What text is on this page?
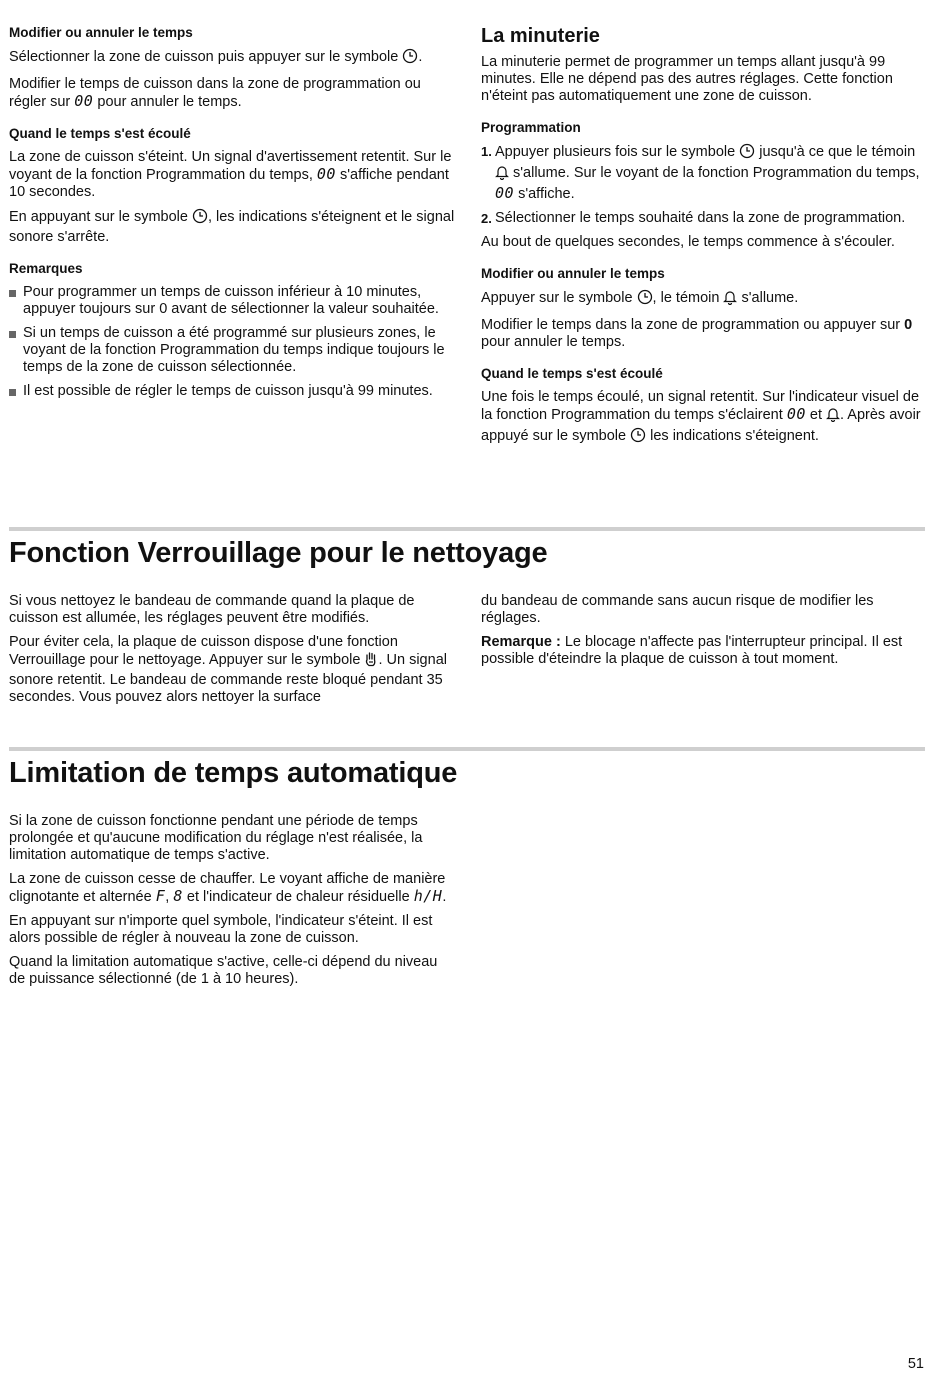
Modifier ou annuler le temps

Sélectionner la zone de cuisson puis appuyer sur le symbole .

Modifier le temps de cuisson dans la zone de programmation ou régler sur 00 pour annuler le temps.

Quand le temps s'est écoulé

La zone de cuisson s'éteint. Un signal d'avertissement retentit. Sur le voyant de la fonction Programmation du temps, 00 s'affiche pendant 10 secondes.

En appuyant sur le symbole , les indications s'éteignent et le signal sonore s'arrête.

Remarques
Pour programmer un temps de cuisson inférieur à 10 minutes, appuyer toujours sur 0 avant de sélectionner la valeur souhaitée.
Si un temps de cuisson a été programmé sur plusieurs zones, le voyant de la fonction Programmation du temps indique toujours le temps de la zone de cuisson sélectionnée.
Il est possible de régler le temps de cuisson jusqu'à 99 minutes.
La minuterie

La minuterie permet de programmer un temps allant jusqu'à 99 minutes. Elle ne dépend pas des autres réglages. Cette fonction n'éteint pas automatiquement une zone de cuisson.

Programmation
1. Appuyer plusieurs fois sur le symbole jusqu'à ce que le témoin  s'allume. Sur le voyant de la fonction Programmation du temps,00 s'affiche.
2. Sélectionner le temps souhaité dans la zone de programmation.

Au bout de quelques secondes, le temps commence à s'écouler.

Modifier ou annuler le temps

Appuyer sur le symbole , le témoin s'allume.

Modifier le temps dans la zone de programmation ou appuyer sur 0 pour annuler le temps.

Quand le temps s'est écoulé

Une fois le temps écoulé, un signal retentit. Sur l'indicateur visuel de la fonction Programmation du temps s'éclairent 00 et . Après avoir appuyé sur le symbole les indications s'éteignent.

Fonction Verrouillage pour le nettoyage

Si vous nettoyez le bandeau de commande quand la plaque de cuisson est allumée, les réglages peuvent être modifiés.

Pour éviter cela, la plaque de cuisson dispose d'une fonction Verrouillage pour le nettoyage. Appuyer sur le symbole . Un signal sonore retentit. Le bandeau de commande reste bloqué pendant 35 secondes. Vous pouvez alors nettoyer la surface

du bandeau de commande sans aucun risque de modifier les réglages.

Remarque : Le blocage n'affecte pas l'interrupteur principal. Il est possible d'éteindre la plaque de cuisson à tout moment.

Limitation de temps automatique

Si la zone de cuisson fonctionne pendant une période de temps prolongée et qu'aucune modification du réglage n'est réalisée, la limitation automatique de temps s'active.

La zone de cuisson cesse de chauffer. Le voyant affiche de manière clignotante et alternée F, 8 et l'indicateur de chaleur résiduelle h/H.

En appuyant sur n'importe quel symbole, l'indicateur s'éteint. Il est alors possible de régler à nouveau la zone de cuisson.

Quand la limitation automatique s'active, celle-ci dépend du niveau de puissance sélectionné (de 1 à 10 heures).

51
